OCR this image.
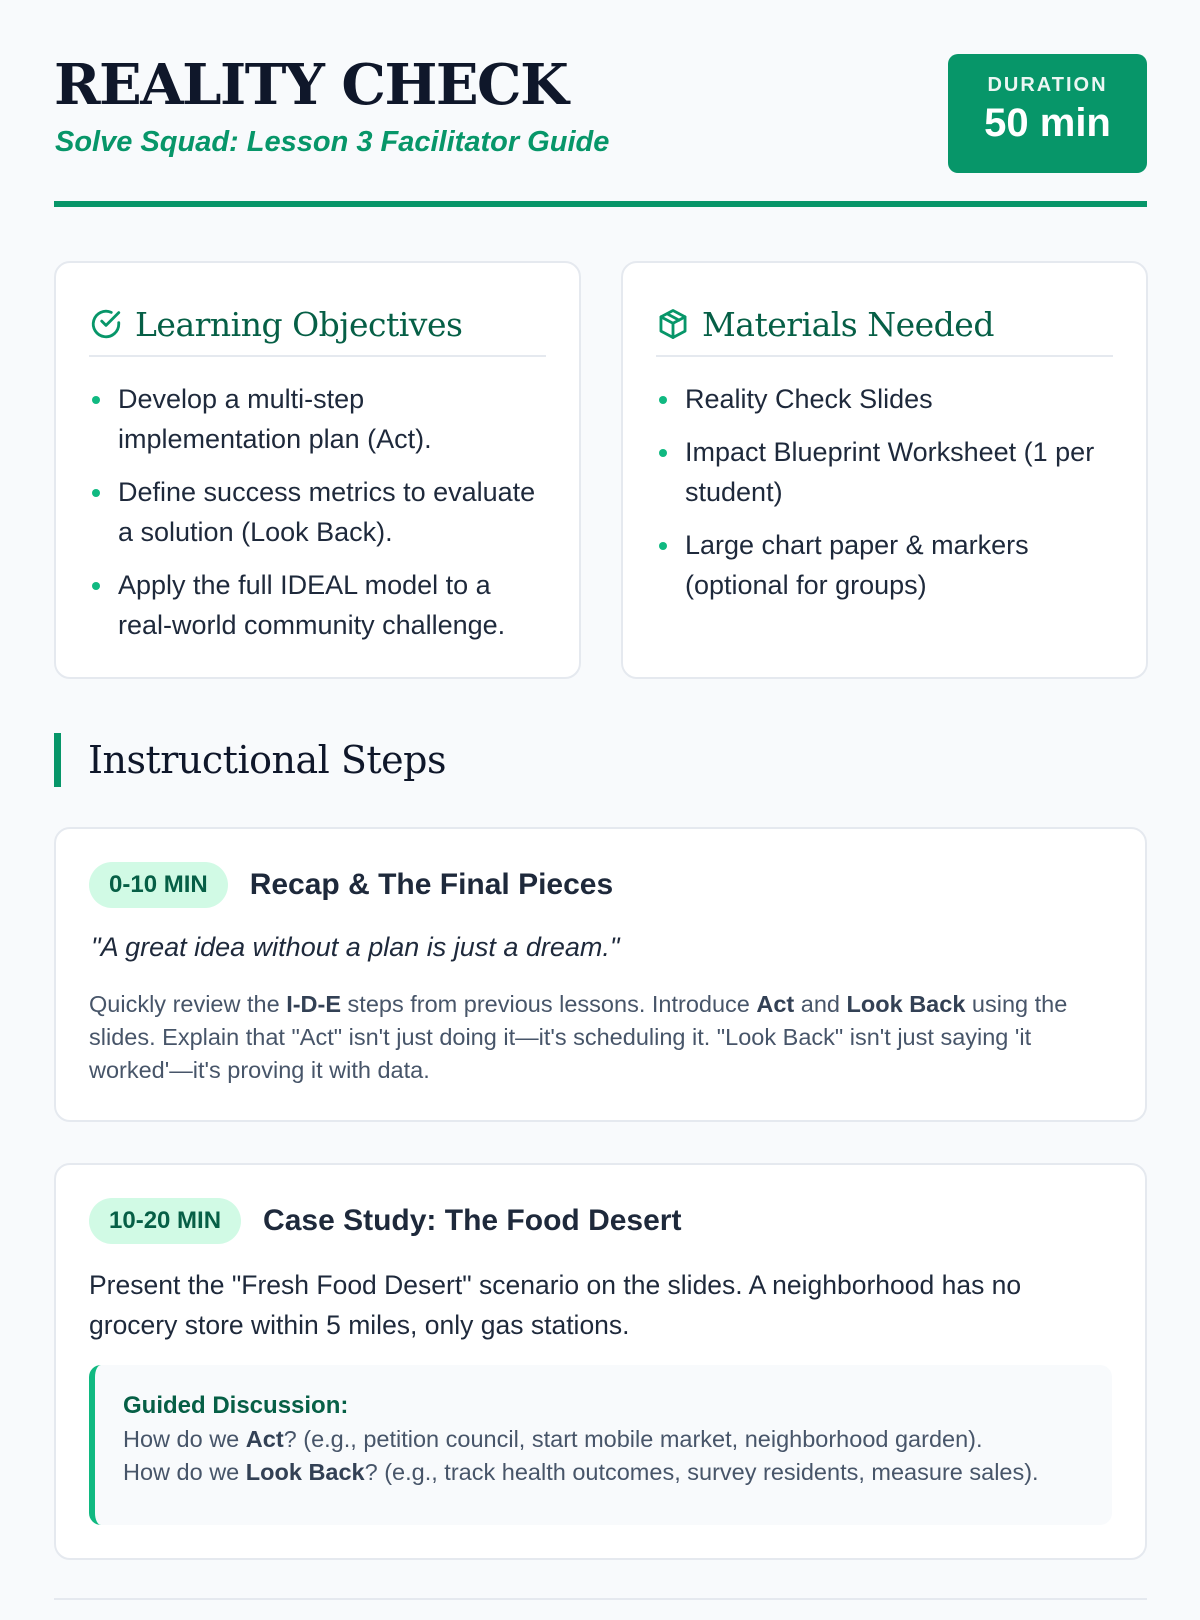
REALITY CHECK
Solve Squad: Lesson 3 Facilitator Guide
DURATION
50 min
Learning Objectives
Develop a multi-step implementation plan (Act).
Define success metrics to evaluate a solution (Look Back).
Apply the full IDEAL model to a real-world community challenge.
Materials Needed
Reality Check Slides
Impact Blueprint Worksheet (1 per student)
Large chart paper & markers (optional for groups)
Instructional Steps
0-10 MIN	Recap & The Final Pieces
"A great idea without a plan is just a dream."
Quickly review the I-D-E steps from previous lessons. Introduce Act and Look Back using the slides. Explain that "Act" isn't just doing it—it's scheduling it. "Look Back" isn't just saying 'it worked'—it's proving it with data.
10-20 MIN	Case Study: The Food Desert
Present the "Fresh Food Desert" scenario on the slides. A neighborhood has no grocery store within 5 miles, only gas stations.
Guided Discussion:
How do we Act? (e.g., petition council, start mobile market, neighborhood garden).
How do we Look Back? (e.g., track health outcomes, survey residents, measure sales).
